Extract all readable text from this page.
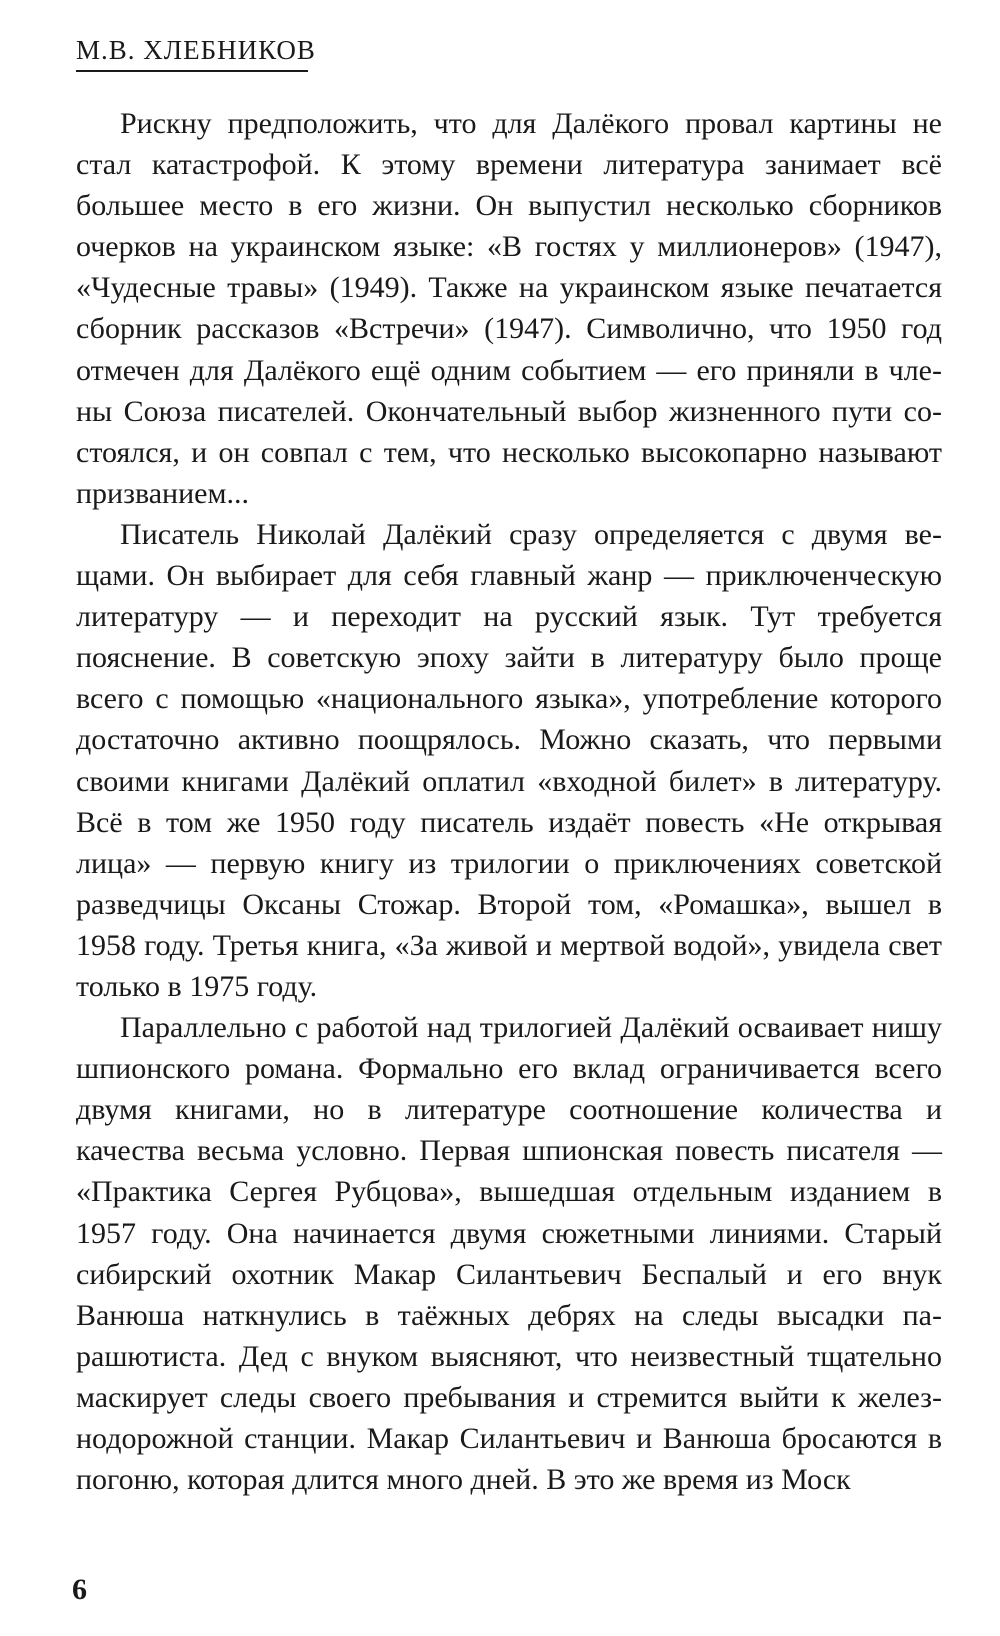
М.В. ХЛЕБНИКОВ

Рискну предположить, что для Далёкого провал картины не стал катастрофой. К этому времени литература занимает всё большее место в его жизни. Он выпустил несколько сборников очерков на украинском языке: «В гостях у миллионеров» (1947), «Чудесные травы» (1949). Также на украинском языке печатается сборник рассказов «Встречи» (1947). Символично, что 1950 год отмечен для Далёкого ещё одним событием — его приняли в члены Союза писателей. Окончательный выбор жизненного пути состоялся, и он совпал с тем, что несколько высокопарно называют призванием...

Писатель Николай Далёкий сразу определяется с двумя вещами. Он выбирает для себя главный жанр — приключенческую литературу — и переходит на русский язык. Тут требуется пояснение. В советскую эпоху зайти в литературу было проще всего с помощью «национального языка», употребление которого достаточно активно поощрялось. Можно сказать, что первыми своими книгами Далёкий оплатил «входной билет» в литературу. Всё в том же 1950 году писатель издаёт повесть «Не открывая лица» — первую книгу из трилогии о приключениях советской разведчицы Оксаны Стожар. Второй том, «Ромашка», вышел в 1958 году. Третья книга, «За живой и мертвой водой», увидела свет только в 1975 году.

Параллельно с работой над трилогией Далёкий осваивает нишу шпионского романа. Формально его вклад ограничивается всего двумя книгами, но в литературе соотношение количества и качества весьма условно. Первая шпионская повесть писателя — «Практика Сергея Рубцова», вышедшая отдельным изданием в 1957 году. Она начинается двумя сюжетными линиями. Старый сибирский охотник Макар Силантьевич Беспалый и его внук Ванюша наткнулись в таёжных дебрях на следы высадки парашютиста. Дед с внуком выясняют, что неизвестный тщательно маскирует следы своего пребывания и стремится выйти к железнодорожной станции. Макар Силантьевич и Ванюша бросаются в погоню, которая длится много дней. В это же время из Моск

6
